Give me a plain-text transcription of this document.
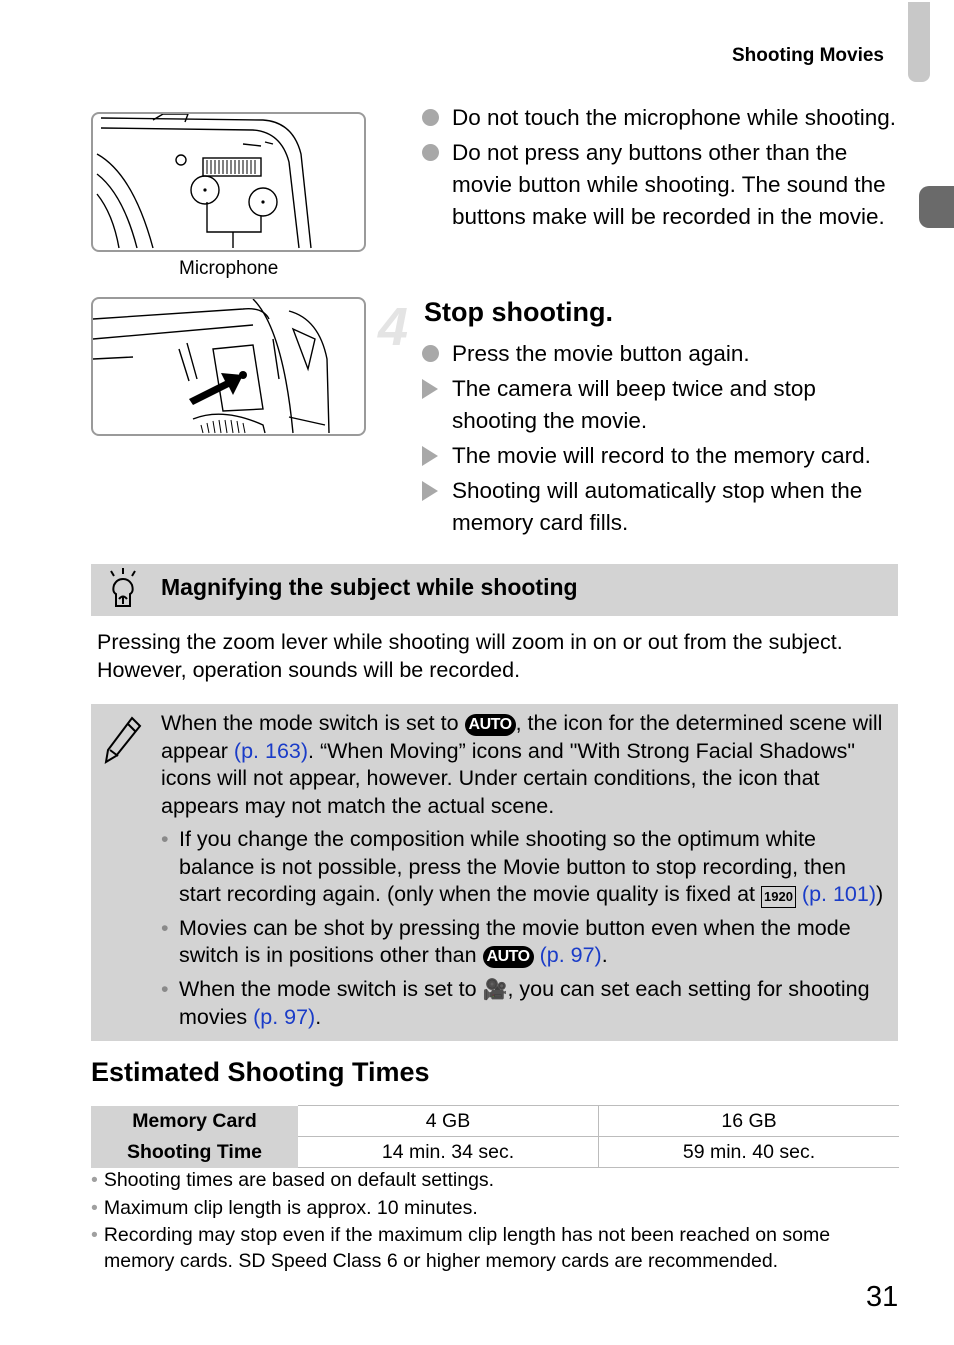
Shooting Movies
Microphone
Do not touch the microphone while shooting.
Do not press any buttons other than the movie button while shooting. The sound the buttons make will be recorded in the movie.
4 Stop shooting.
Press the movie button again.
The camera will beep twice and stop shooting the movie.
The movie will record to the memory card.
Shooting will automatically stop when the memory card fills.
Magnifying the subject while shooting
Pressing the zoom lever while shooting will zoom in on or out from the subject. However, operation sounds will be recorded.
When the mode switch is set to AUTO , the icon for the determined scene will appear (p. 163). “When Moving” icons and "With Strong Facial Shadows" icons will not appear, however. Under certain conditions, the icon that appears may not match the actual scene.
• If you change the composition while shooting so the optimum white balance is not possible, press the Movie button to stop recording, then start recording again. (only when the movie quality is fixed at 1920 (p. 101))
• Movies can be shot by pressing the movie button even when the mode switch is in positions other than AUTO (p. 97).
• When the mode switch is set to 🎥, you can set each setting for shooting movies (p. 97).
Estimated Shooting Times
Memory Card	4 GB	16 GB
Shooting Time	14 min. 34 sec.	59 min. 40 sec.
• Shooting times are based on default settings.
• Maximum clip length is approx. 10 minutes.
• Recording may stop even if the maximum clip length has not been reached on some memory cards. SD Speed Class 6 or higher memory cards are recommended.
31
